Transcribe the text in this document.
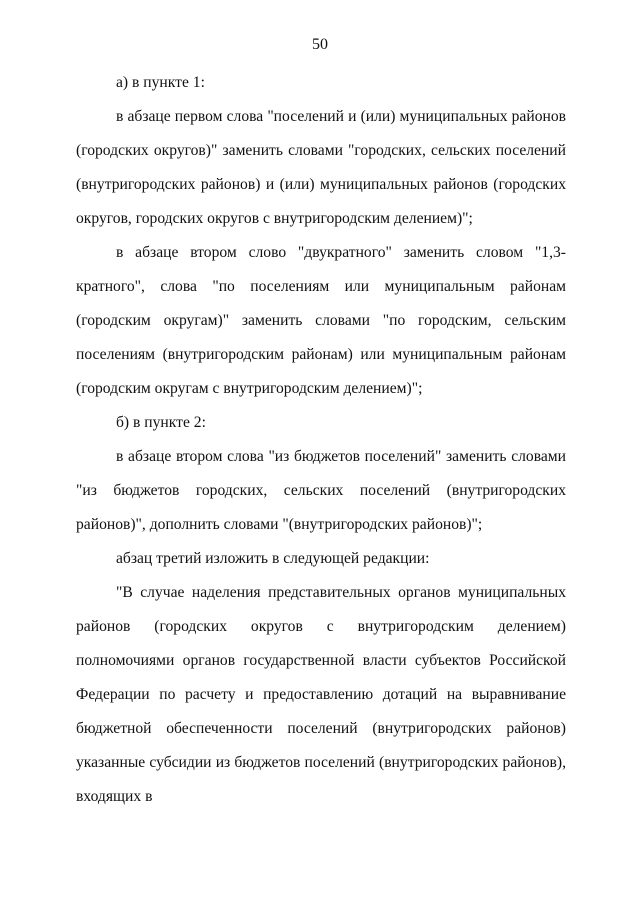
50

а) в пункте 1:

в абзаце первом слова "поселений и (или) муниципальных районов (городских округов)" заменить словами "городских, сельских поселений (внутригородских районов) и (или) муниципальных районов (городских округов, городских округов с внутригородским делением)";

в абзаце втором слово "двукратного" заменить словом "1,3-кратного", слова "по поселениям или муниципальным районам (городским округам)" заменить словами "по городским, сельским поселениям (внутригородским районам) или муниципальным районам (городским округам с внутригородским делением)";

б) в пункте 2:

в абзаце втором слова "из бюджетов поселений" заменить словами "из бюджетов городских, сельских поселений (внутригородских районов)", дополнить словами "(внутригородских районов)";

абзац третий изложить в следующей редакции:

"В случае наделения представительных органов муниципальных районов (городских округов с внутригородским делением) полномочиями органов государственной власти субъектов Российской Федерации по расчету и предоставлению дотаций на выравнивание бюджетной обеспеченности поселений (внутригородских районов) указанные субсидии из бюджетов поселений (внутригородских районов), входящих в
